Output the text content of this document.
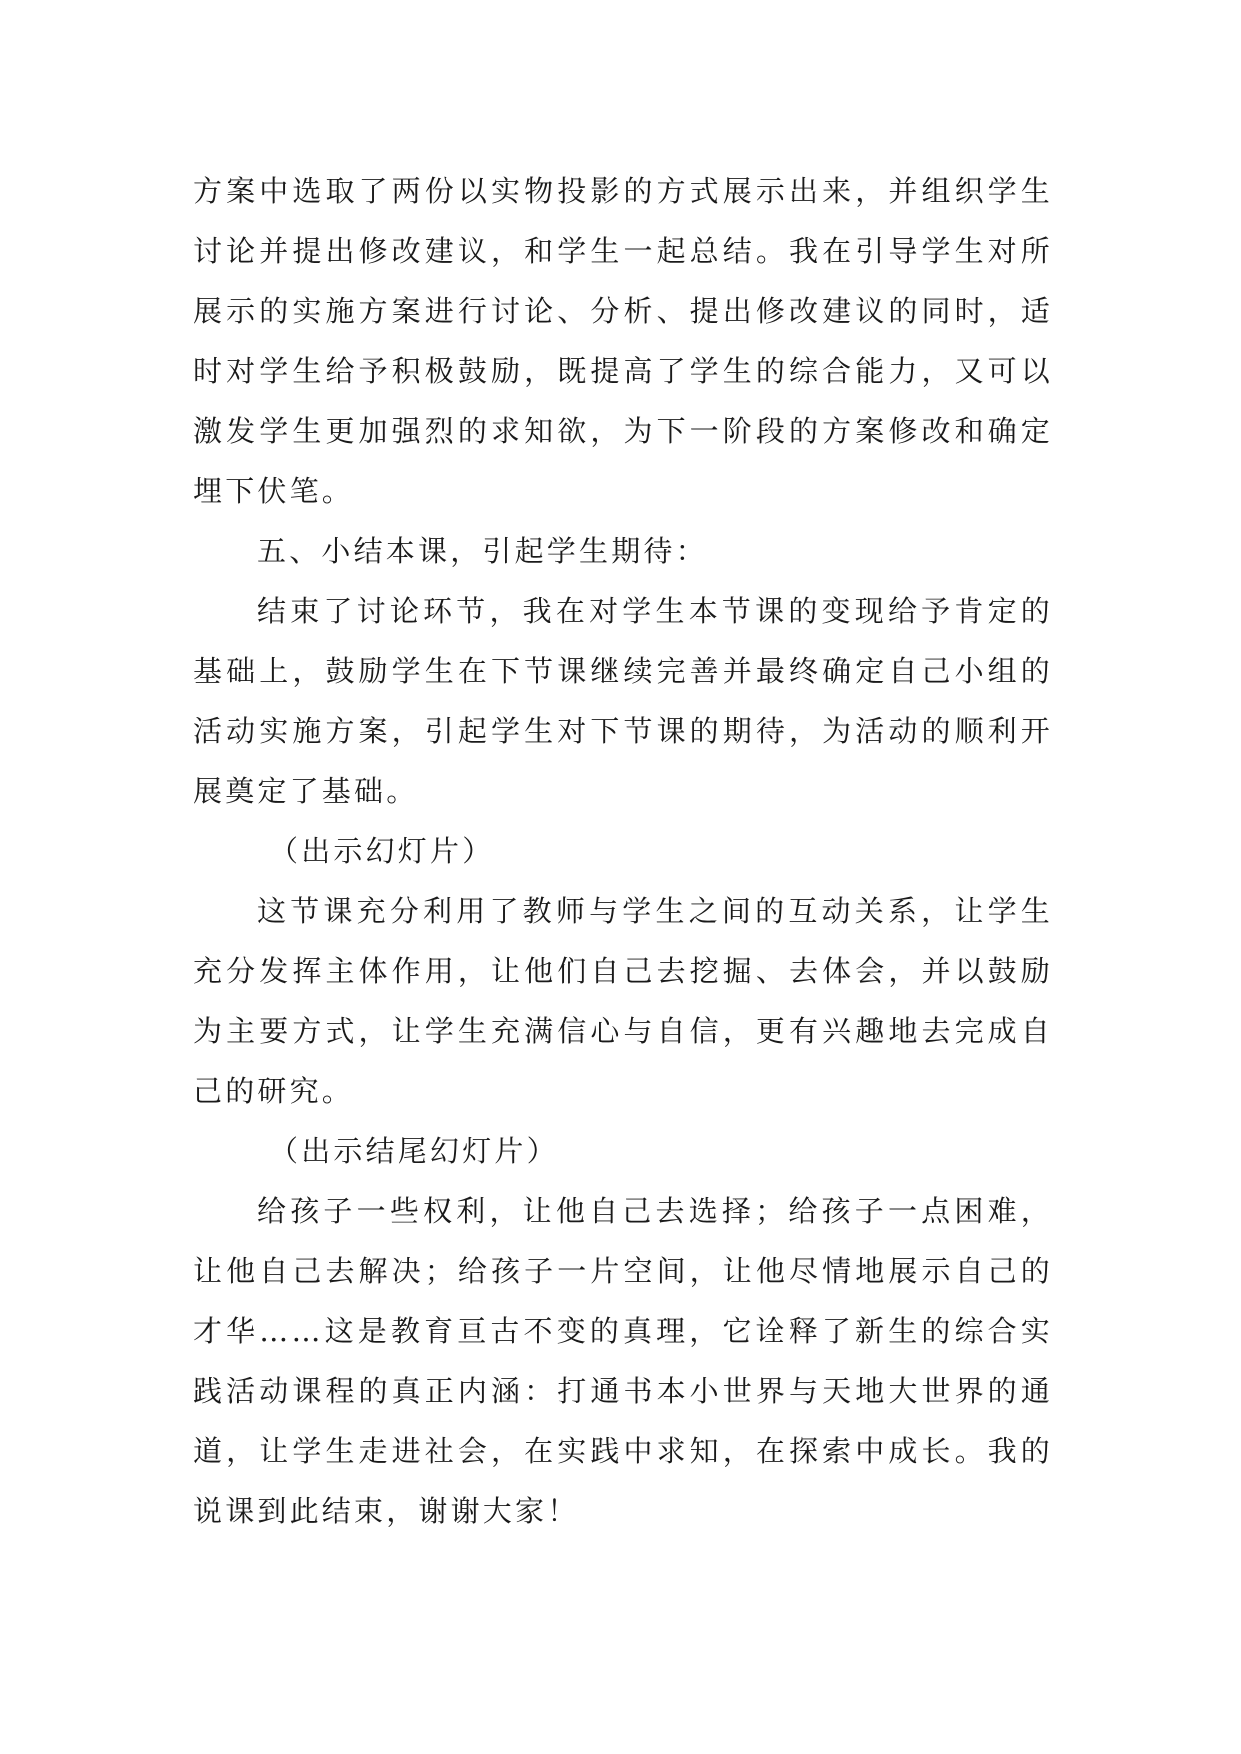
方案中选取了两份以实物投影的方式展示出来，并组织学生讨论并提出修改建议，和学生一起总结。我在引导学生对所展示的实施方案进行讨论、分析、提出修改建议的同时，适时对学生给予积极鼓励，既提高了学生的综合能力，又可以激发学生更加强烈的求知欲，为下一阶段的方案修改和确定埋下伏笔。

五、小结本课，引起学生期待：

结束了讨论环节，我在对学生本节课的变现给予肯定的基础上，鼓励学生在下节课继续完善并最终确定自己小组的活动实施方案，引起学生对下节课的期待，为活动的顺利开展奠定了基础。

（出示幻灯片）

这节课充分利用了教师与学生之间的互动关系，让学生充分发挥主体作用，让他们自己去挖掘、去体会，并以鼓励为主要方式，让学生充满信心与自信，更有兴趣地去完成自己的研究。

（出示结尾幻灯片）

给孩子一些权利，让他自己去选择；给孩子一点困难，让他自己去解决；给孩子一片空间，让他尽情地展示自己的才华……这是教育亘古不变的真理，它诠释了新生的综合实践活动课程的真正内涵：打通书本小世界与天地大世界的通道，让学生走进社会，在实践中求知，在探索中成长。我的说课到此结束，谢谢大家！
